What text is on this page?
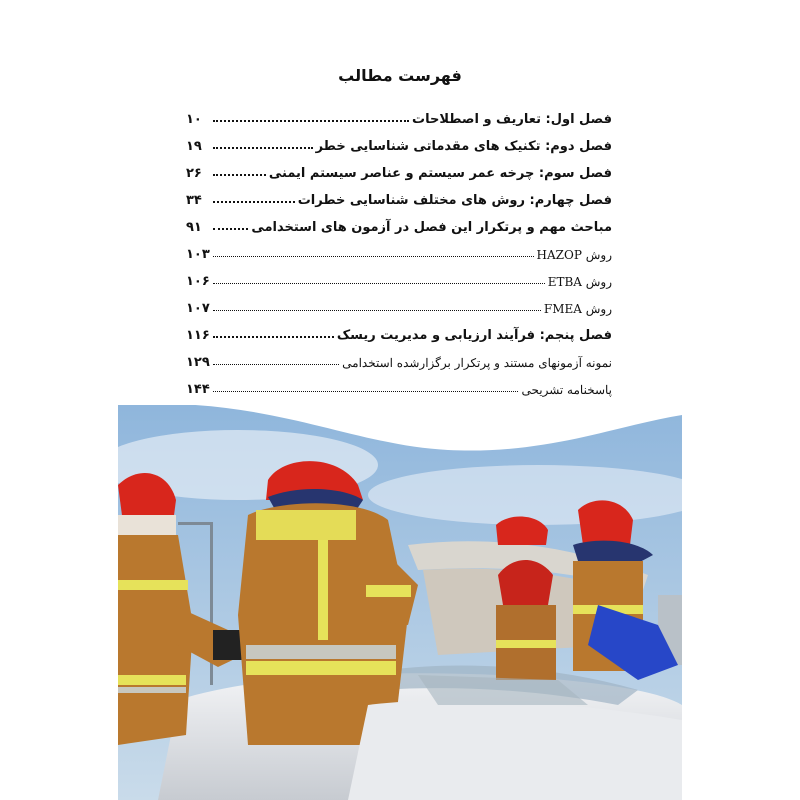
فهرست مطالب
فصل اول: تعاریف و اصطلاحات
۱۰
فصل دوم: تکنیک های مقدماتی شناسایی خطر
۱۹
فصل سوم: چرخه عمر سیستم و عناصر سیستم ایمنی
۲۶
فصل چهارم: روش های مختلف شناسایی خطرات
۳۴
مباحث مهم و پرتکرار این فصل در آزمون های استخدامی
۹۱
روش HAZOP
۱۰۳
روش ETBA
۱۰۶
روش FMEA
۱۰۷
فصل پنجم: فرآیند ارزیابی و مدیریت ریسک
۱۱۶
نمونه آزمونهای مستند و پرتکرار برگزارشده استخدامی
۱۲۹
پاسخنامه تشریحی
۱۴۴
